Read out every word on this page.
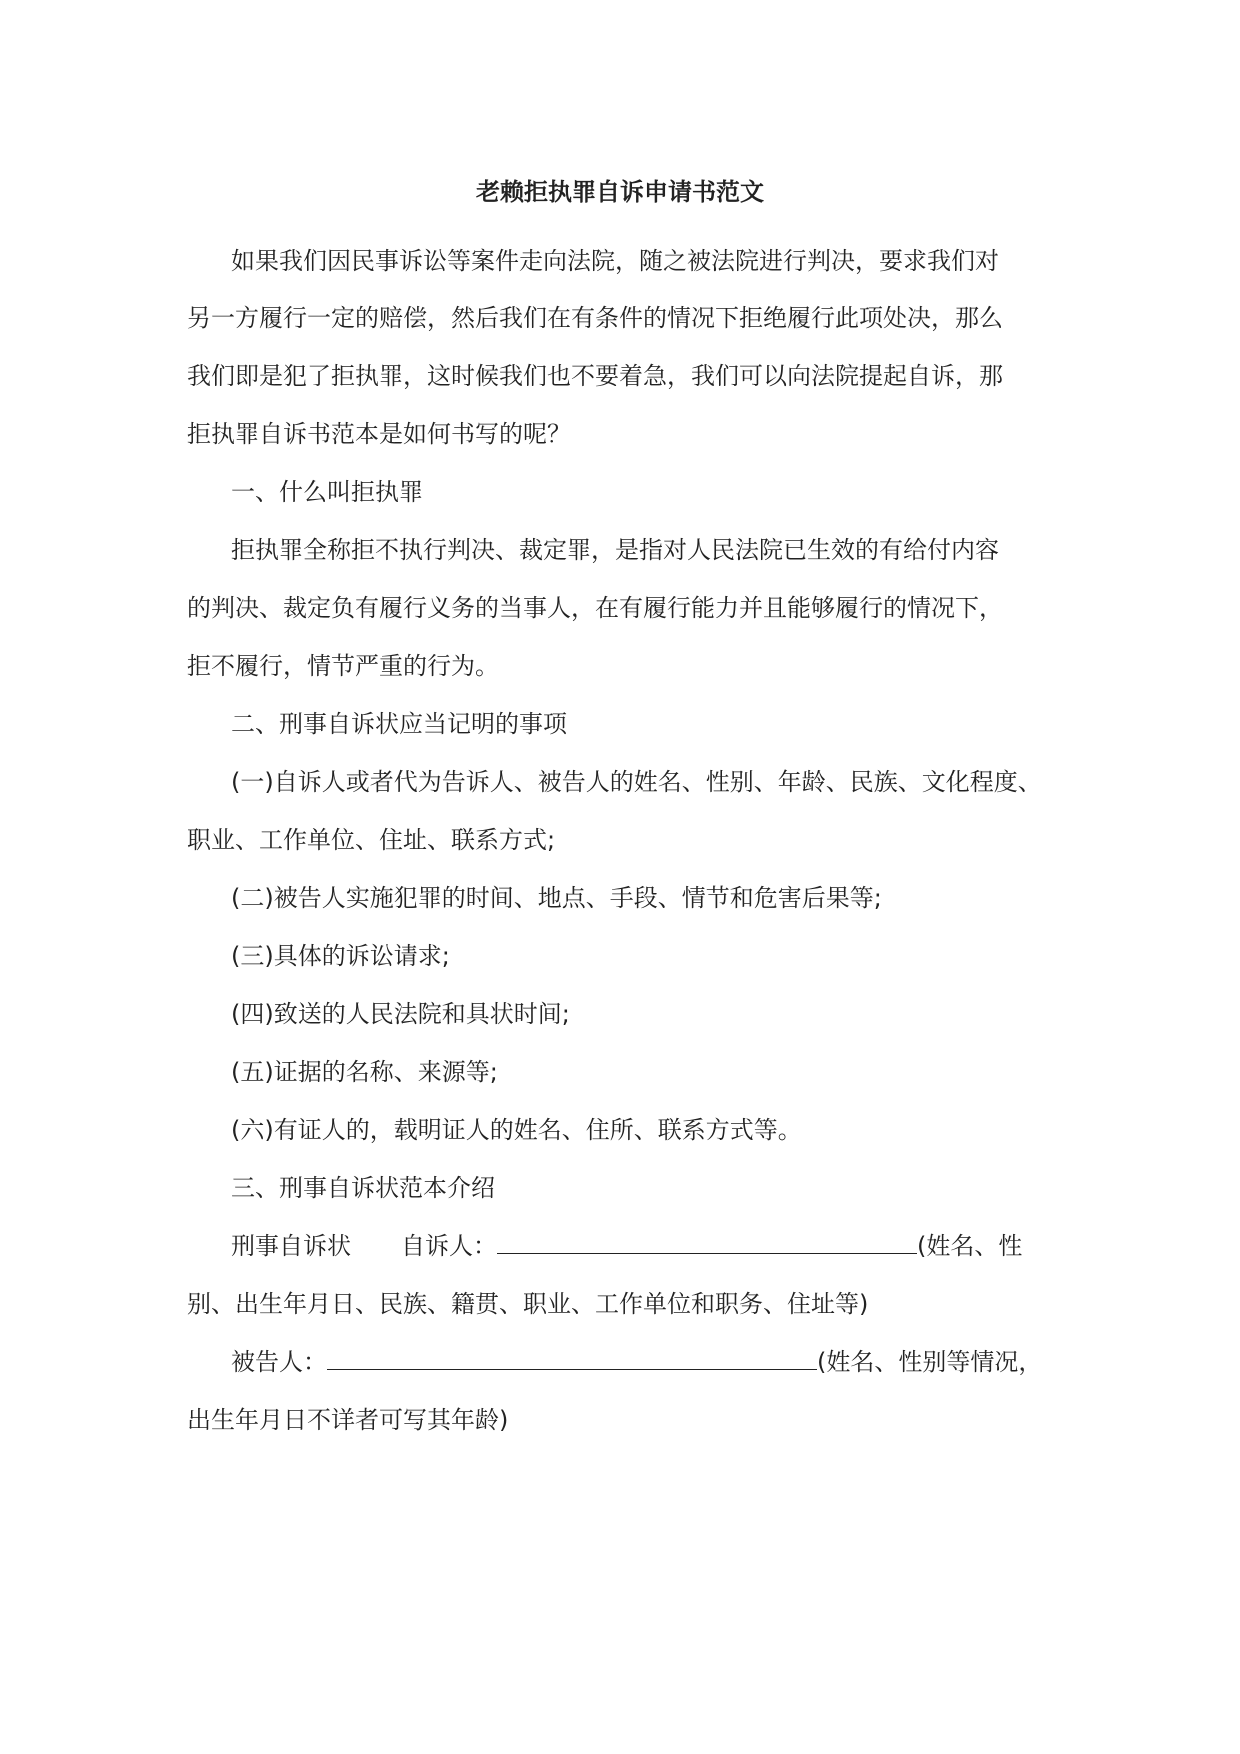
老赖拒执罪自诉申请书范文
如果我们因民事诉讼等案件走向法院，随之被法院进行判决，要求我们对
另一方履行一定的赔偿，然后我们在有条件的情况下拒绝履行此项处决，那么
我们即是犯了拒执罪，这时候我们也不要着急，我们可以向法院提起自诉，那
拒执罪自诉书范本是如何书写的呢？
一、什么叫拒执罪
拒执罪全称拒不执行判决、裁定罪，是指对人民法院已生效的有给付内容
的判决、裁定负有履行义务的当事人，在有履行能力并且能够履行的情况下，
拒不履行，情节严重的行为。
二、刑事自诉状应当记明的事项
(一)自诉人或者代为告诉人、被告人的姓名、性别、年龄、民族、文化程度、
职业、工作单位、住址、联系方式;
(二)被告人实施犯罪的时间、地点、手段、情节和危害后果等;
(三)具体的诉讼请求;
(四)致送的人民法院和具状时间;
(五)证据的名称、来源等;
(六)有证人的，载明证人的姓名、住所、联系方式等。
三、刑事自诉状范本介绍
刑事自诉状 自诉人：	(姓名、性
别、出生年月日、民族、籍贯、职业、工作单位和职务、住址等)
被告人：	(姓名、性别等情况，
出生年月日不详者可写其年龄)
